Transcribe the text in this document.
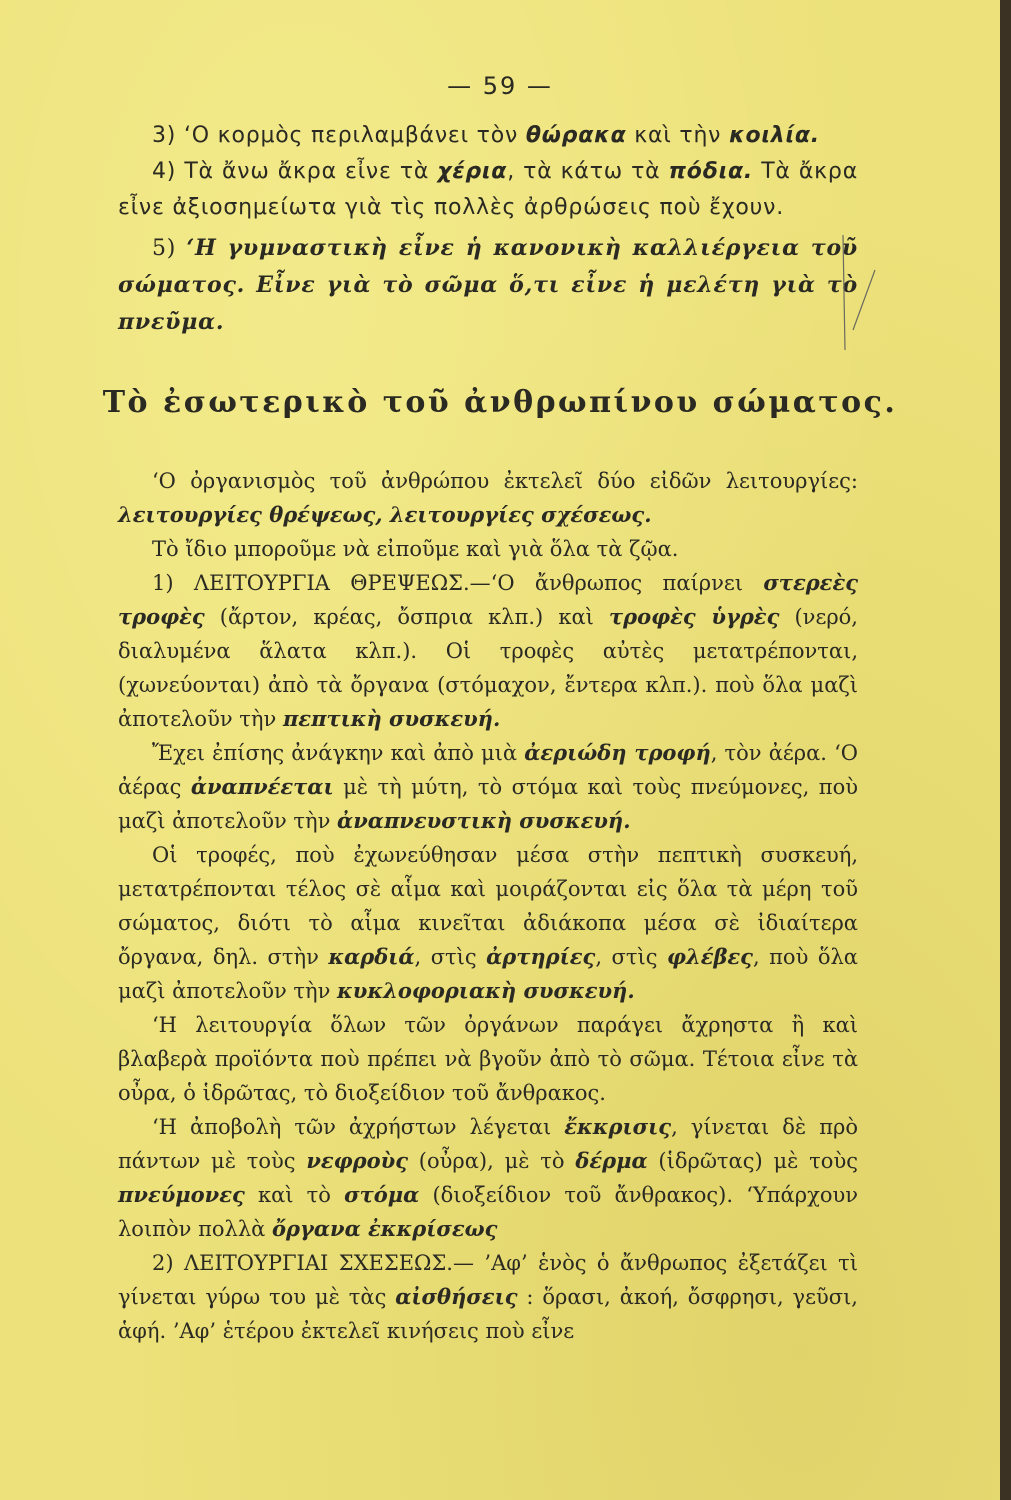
— 59 —

3) ‘Ο κορμὸς περιλαμβάνει τὸν θώρακα καὶ τὴν κοιλία.

4) Τὰ ἄνω ἄκρα εἶνε τὰ χέρια, τὰ κάτω τὰ πόδια. Τὰ ἄκρα εἶνε ἀξιοσημείωτα γιὰ τὶς πολλὲς ἀρθρώσεις ποὺ ἔχουν.

5) ‘Η γυμναστικὴ εἶνε ἡ κανονικὴ καλλιέργεια τοῦ σώματος. Εἶνε γιὰ τὸ σῶμα ὅ,τι εἶνε ἡ μελέτη γιὰ τὸ πνεῦμα.

Τὸ ἐσωτερικὸ τοῦ ἀνθρωπίνου σώματος.

‘Ο ὀργανισμὸς τοῦ ἀνθρώπου ἐκτελεῖ δύο εἰδῶν λειτουργίες: λειτουργίες θρέψεως, λειτουργίες σχέσεως.

Τὸ ἴδιο μποροῦμε νὰ εἰποῦμε καὶ γιὰ ὅλα τὰ ζῷα.

1) ΛΕΙΤΟΥΡΓΙΑ ΘΡΕΨΕΩΣ.—‘Ο ἄνθρωπος παίρνει στερεὲς τροφὲς (ἄρτον, κρέας, ὄσπρια κλπ.) καὶ τροφὲς ὑγρὲς (νερό, διαλυμένα ἅλατα κλπ.). Οἱ τροφὲς αὐτὲς μετατρέπονται, (χωνεύονται) ἀπὸ τὰ ὄργανα (στόμαχον, ἔντερα κλπ.). ποὺ ὅλα μαζὶ ἀποτελοῦν τὴν πεπτικὴ συσκευή.

Ἔχει ἐπίσης ἀνάγκην καὶ ἀπὸ μιὰ ἀεριώδη τροφή, τὸν ἀέρα. ‘Ο ἀέρας ἀναπνέεται μὲ τὴ μύτη, τὸ στόμα καὶ τοὺς πνεύμονες, ποὺ μαζὶ ἀποτελοῦν τὴν ἀναπνευστικὴ συσκευή.

Οἱ τροφές, ποὺ ἐχωνεύθησαν μέσα στὴν πεπτικὴ συσκευή, μετατρέπονται τέλος σὲ αἷμα καὶ μοιράζονται εἰς ὅλα τὰ μέρη τοῦ σώματος, διότι τὸ αἷμα κινεῖται ἀδιάκοπα μέσα σὲ ἰδιαίτερα ὄργανα, δηλ. στὴν καρδιά, στὶς ἀρτηρίες, στὶς φλέβες, ποὺ ὅλα μαζὶ ἀποτελοῦν τὴν κυκλοφοριακὴ συσκευή.

‘Η λειτουργία ὅλων τῶν ὀργάνων παράγει ἄχρηστα ἢ καὶ βλαβερὰ προϊόντα ποὺ πρέπει νὰ βγοῦν ἀπὸ τὸ σῶμα. Τέτοια εἶνε τὰ οὖρα, ὁ ἱδρῶτας, τὸ διοξείδιον τοῦ ἄνθρακος.

‘Η ἀποβολὴ τῶν ἀχρήστων λέγεται ἔκκρισις, γίνεται δὲ πρὸ πάντων μὲ τοὺς νεφροὺς (οὖρα), μὲ τὸ δέρμα (ἱδρῶτας) μὲ τοὺς πνεύμονες καὶ τὸ στόμα (διοξείδιον τοῦ ἄνθρακος). ‘Υπάρχουν λοιπὸν πολλὰ ὄργανα ἐκκρίσεως

2) ΛΕΙΤΟΥΡΓΙΑΙ ΣΧΕΣΕΩΣ.— ’Αφ’ ἑνὸς ὁ ἄνθρωπος ἐξετάζει τὶ γίνεται γύρω του μὲ τὰς αἰσθήσεις : ὅρασι, ἀκοή, ὄσφρησι, γεῦσι, ἁφή. ’Αφ’ ἑτέρου ἐκτελεῖ κινήσεις ποὺ εἶνε
